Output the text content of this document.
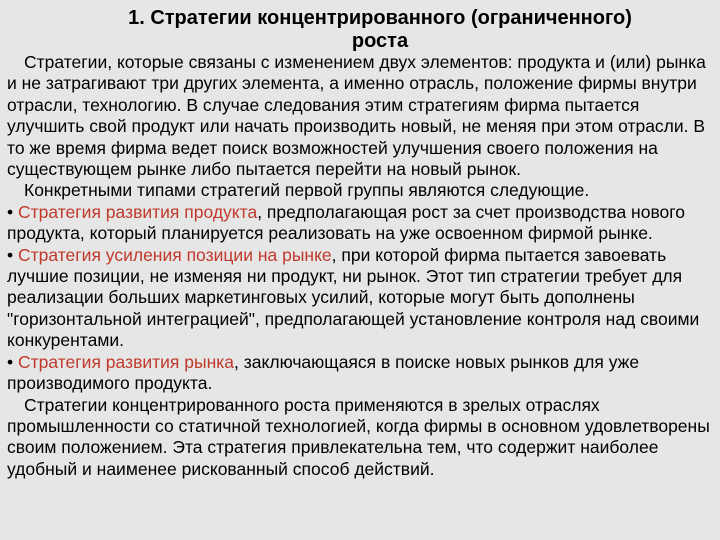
1. Стратегии концентрированного (ограниченного)
роста

Стратегии, которые связаны с изменением двух элементов: продукта и (или) рынка и не затрагивают три других элемента, а именно отрасль, положение фирмы внутри отрасли, технологию. В случае следования этим стратегиям фирма пытается улучшить свой продукт или начать производить новый, не меняя при этом отрасли. В то же время фирма ведет поиск возможностей улучшения своего положения на существующем рынке либо пытается перейти на новый рынок.

Конкретными типами стратегий первой группы являются следующие.

• Стратегия развития продукта, предполагающая рост за счет производства нового продукта, который планируется реализовать на уже освоенном фирмой рынке.

• Стратегия усиления позиции на рынке, при которой фирма пытается завоевать лучшие позиции, не изменяя ни продукт, ни рынок. Этот тип стратегии требует для реализации больших маркетинговых усилий, которые могут быть дополнены "горизонтальной интеграцией", предполагающей установление контроля над своими конкурентами.

• Стратегия развития рынка, заключающаяся в поиске новых рынков для уже производимого продукта.

Стратегии концентрированного роста применяются в зрелых отраслях промышленности со статичной технологией, когда фирмы в основном удовлетворены своим положением. Эта стратегия привлекательна тем, что содержит наиболее удобный и наименее рискованный способ действий.
